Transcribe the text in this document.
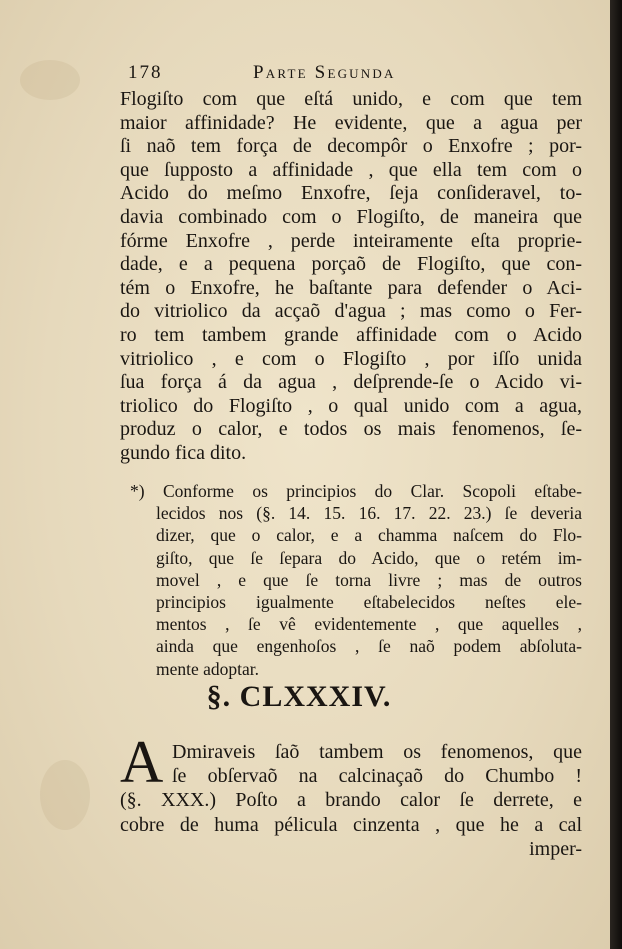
178	Parte Segunda
Flogiſto com que eſtá unido, e com que tem
maior affinidade? He evidente, que a agua per
ſi naõ tem força de decompôr o Enxofre ; por-
que ſupposto a affinidade , que ella tem com o
Acido do meſmo Enxofre, ſeja conſideravel, to-
davia combinado com o Flogiſto, de maneira que
fórme Enxofre , perde inteiramente eſta proprie-
dade, e a pequena porçaõ de Flogiſto, que con-
tém o Enxofre, he baſtante para defender o Aci-
do vitriolico da acçaõ d'agua ; mas como o Fer-
ro tem tambem grande affinidade com o Acido
vitriolico , e com o Flogiſto , por iſſo unida
ſua força á da agua , deſprende-ſe o Acido vi-
triolico do Flogiſto , o qual unido com a agua,
produz o calor, e todos os mais fenomenos, ſe-
gundo fica dito.
*) Conforme os principios do Clar. Scopoli eſtabe-
lecidos nos (§. 14. 15. 16. 17. 22. 23.) ſe deveria
dizer, que o calor, e a chamma naſcem do Flo-
giſto, que ſe ſepara do Acido, que o retém im-
movel , e que ſe torna livre ; mas de outros
principios igualmente eſtabelecidos neſtes ele-
mentos , ſe vê evidentemente , que aquelles ,
ainda que engenhoſos , ſe naõ podem abſoluta-
mente adoptar.
§. CLXXXIV.
A Dmiraveis ſaõ tambem os fenomenos, que
ſe obſervaõ na calcinaçaõ do Chumbo !
(§. XXX.) Poſto a brando calor ſe derrete, e
cobre de huma pélicula cinzenta , que he a cal
imper-
